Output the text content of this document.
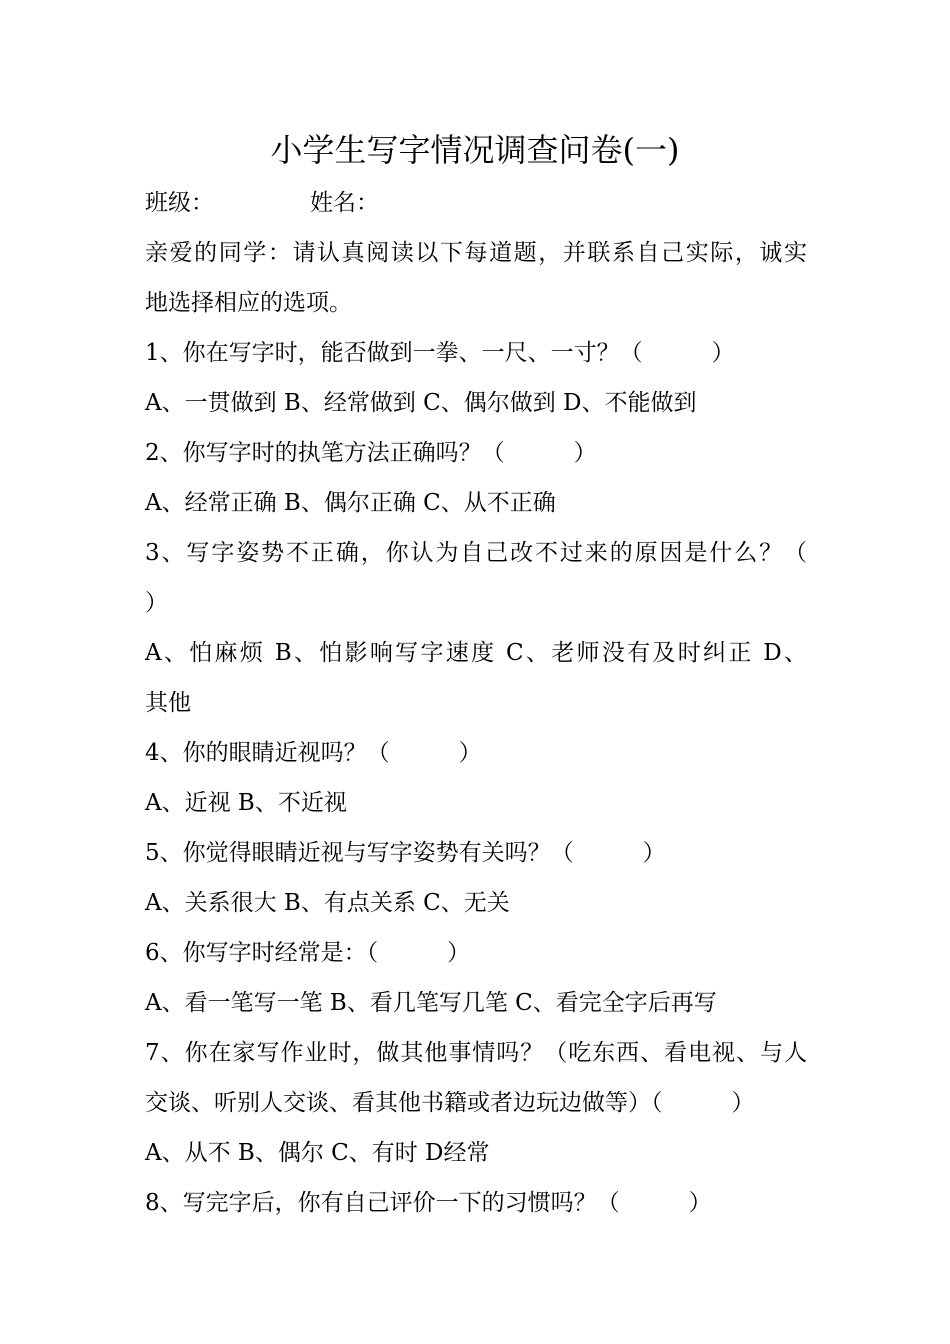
小学生写字情况调查问卷(一)
班级：	姓名：
亲爱的同学：请认真阅读以下每道题，并联系自己实际，诚实
地选择相应的选项。
1、你在写字时，能否做到一拳、一尺、一寸？（　　　）
A、一贯做到 B、经常做到 C、偶尔做到 D、不能做到
2、你写字时的执笔方法正确吗？（　　　）
A、经常正确 B、偶尔正确 C、从不正确
3、写字姿势不正确，你认为自己改不过来的原因是什么？（
）
A、怕麻烦 B、怕影响写字速度 C、老师没有及时纠正 D、
其他
4、你的眼睛近视吗？（　　　）
A、近视 B、不近视
5、你觉得眼睛近视与写字姿势有关吗？（　　　）
A、关系很大 B、有点关系 C、无关
6、你写字时经常是：（　　　）
A、看一笔写一笔 B、看几笔写几笔 C、看完全字后再写
7、你在家写作业时，做其他事情吗？（吃东西、看电视、与人
交谈、听别人交谈、看其他书籍或者边玩边做等）（　　　）
A、从不 B、偶尔 C、有时 D经常
8、写完字后，你有自己评价一下的习惯吗？（　　　）
